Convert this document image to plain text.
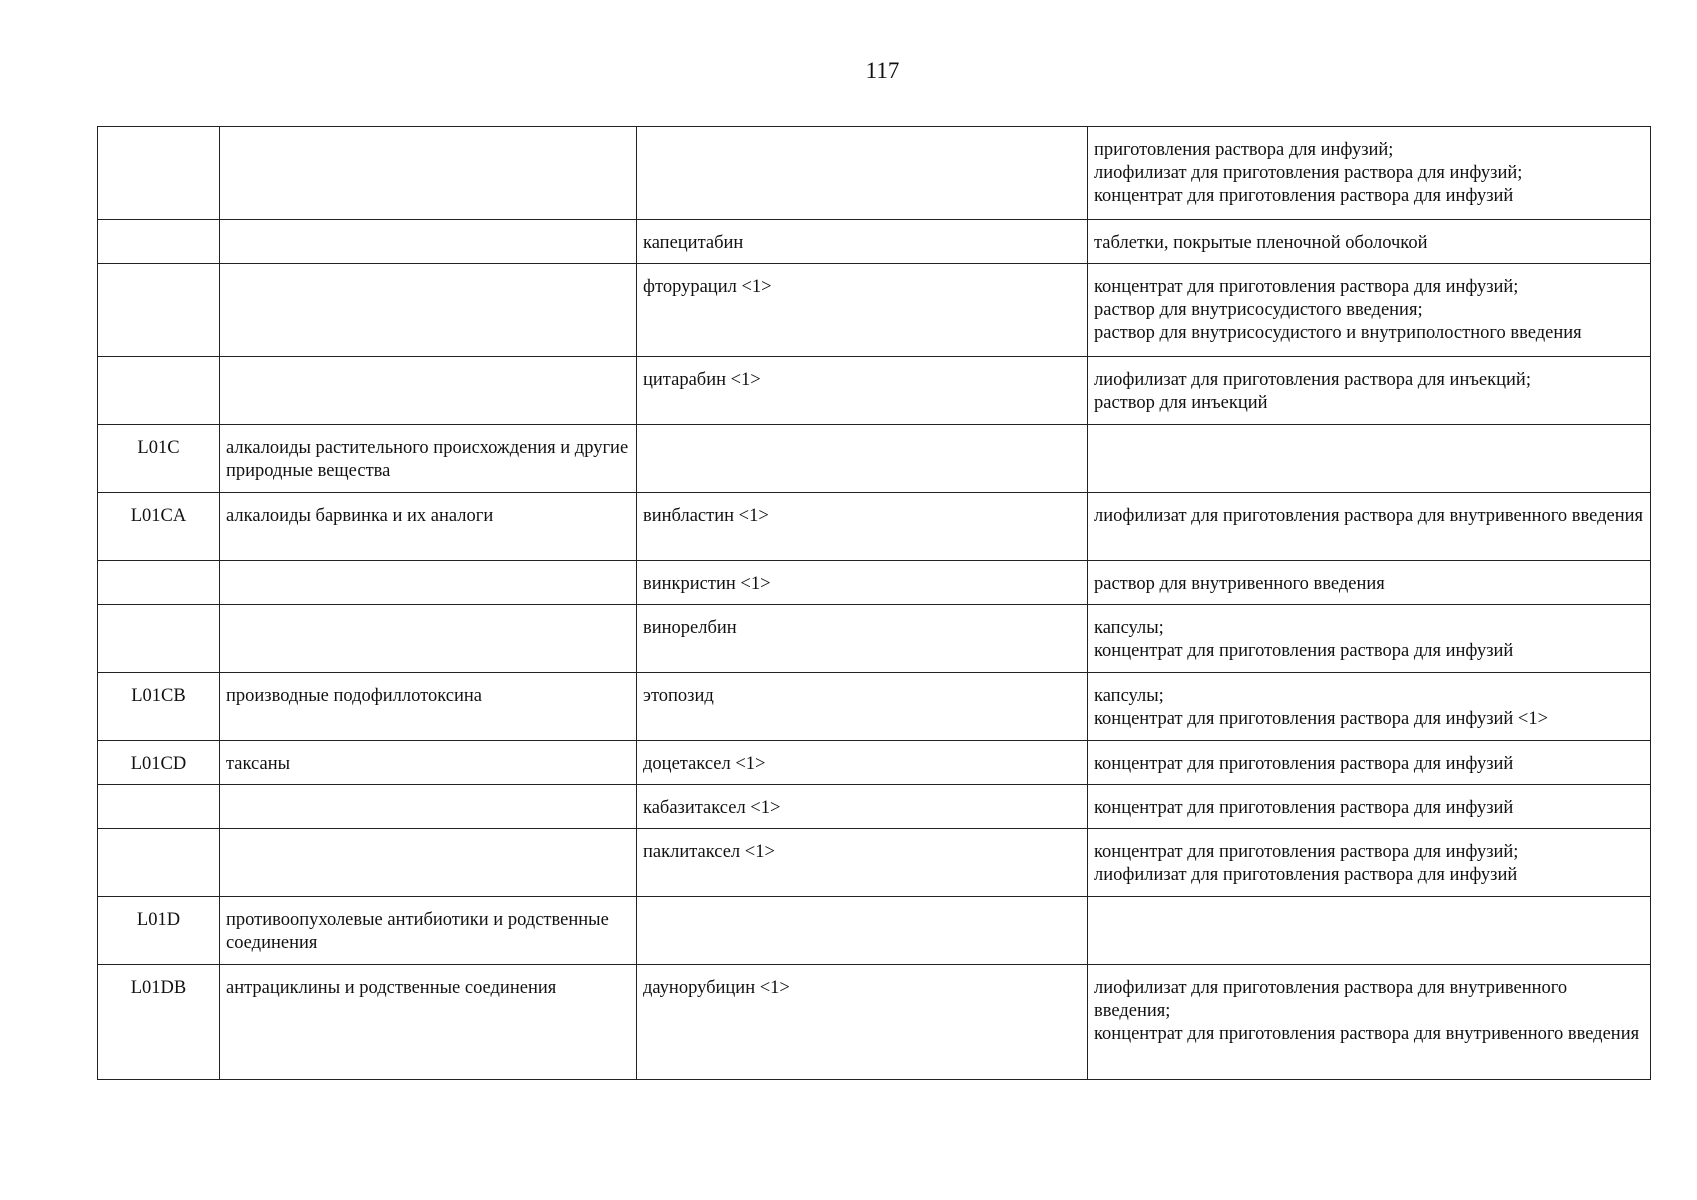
117
			приготовления раствора для инфузий;
лиофилизат для приготовления раствора для инфузий;
концентрат для приготовления раствора для инфузий
		капецитабин	таблетки, покрытые пленочной оболочкой
		фторурацил <1>	концентрат для приготовления раствора для инфузий;
раствор для внутрисосудистого введения;
раствор для внутрисосудистого и внутриполостного введения
		цитарабин <1>	лиофилизат для приготовления раствора для инъекций;
раствор для инъекций
L01C	алкалоиды растительного происхождения и другие природные вещества		
L01CA	алкалоиды барвинка и их аналоги	винбластин <1>	лиофилизат для приготовления раствора для внутривенного введения
		винкристин <1>	раствор для внутривенного введения
		винорелбин	капсулы;
концентрат для приготовления раствора для инфузий
L01CB	производные подофиллотоксина	этопозид	капсулы;
концентрат для приготовления раствора для инфузий <1>
L01CD	таксаны	доцетаксел <1>	концентрат для приготовления раствора для инфузий
		кабазитаксел <1>	концентрат для приготовления раствора для инфузий
		паклитаксел <1>	концентрат для приготовления раствора для инфузий;
лиофилизат для приготовления раствора для инфузий
L01D	противоопухолевые антибиотики и родственные соединения		
L01DB	антрациклины и родственные соединения	даунорубицин <1>	лиофилизат для приготовления раствора для внутривенного введения;
концентрат для приготовления раствора для внутривенного введения
